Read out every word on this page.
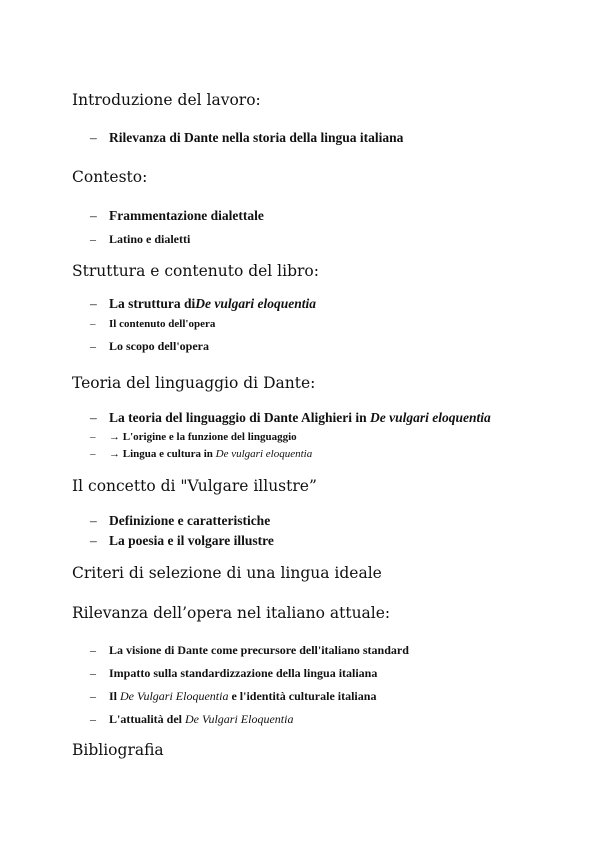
Introduzione del lavoro:
– Rilevanza di Dante nella storia della lingua italiana
Contesto:
– Frammentazione dialettale
–	Latino e dialetti
Struttura e contenuto del libro:
– La struttura di De vulgari eloquentia
–	Il contenuto dell'opera
–	Lo scopo dell'opera
Teoria del linguaggio di Dante:
– La teoria del linguaggio di Dante Alighieri in De vulgari eloquentia
–	→ L'origine e la funzione del linguaggio
–	→ Lingua e cultura in De vulgari eloquentia
Il concetto di "Vulgare illustre”
– Definizione e caratteristiche
– La poesia e il volgare illustre
Criteri di selezione di una lingua ideale
Rilevanza dell’opera nel italiano attuale:
–	La visione di Dante come precursore dell'italiano standard
–	Impatto sulla standardizzazione della lingua italiana
–	Il De Vulgari Eloquentia e l'identità culturale italiana
–	L'attualità del De Vulgari Eloquentia
Bibliografia
